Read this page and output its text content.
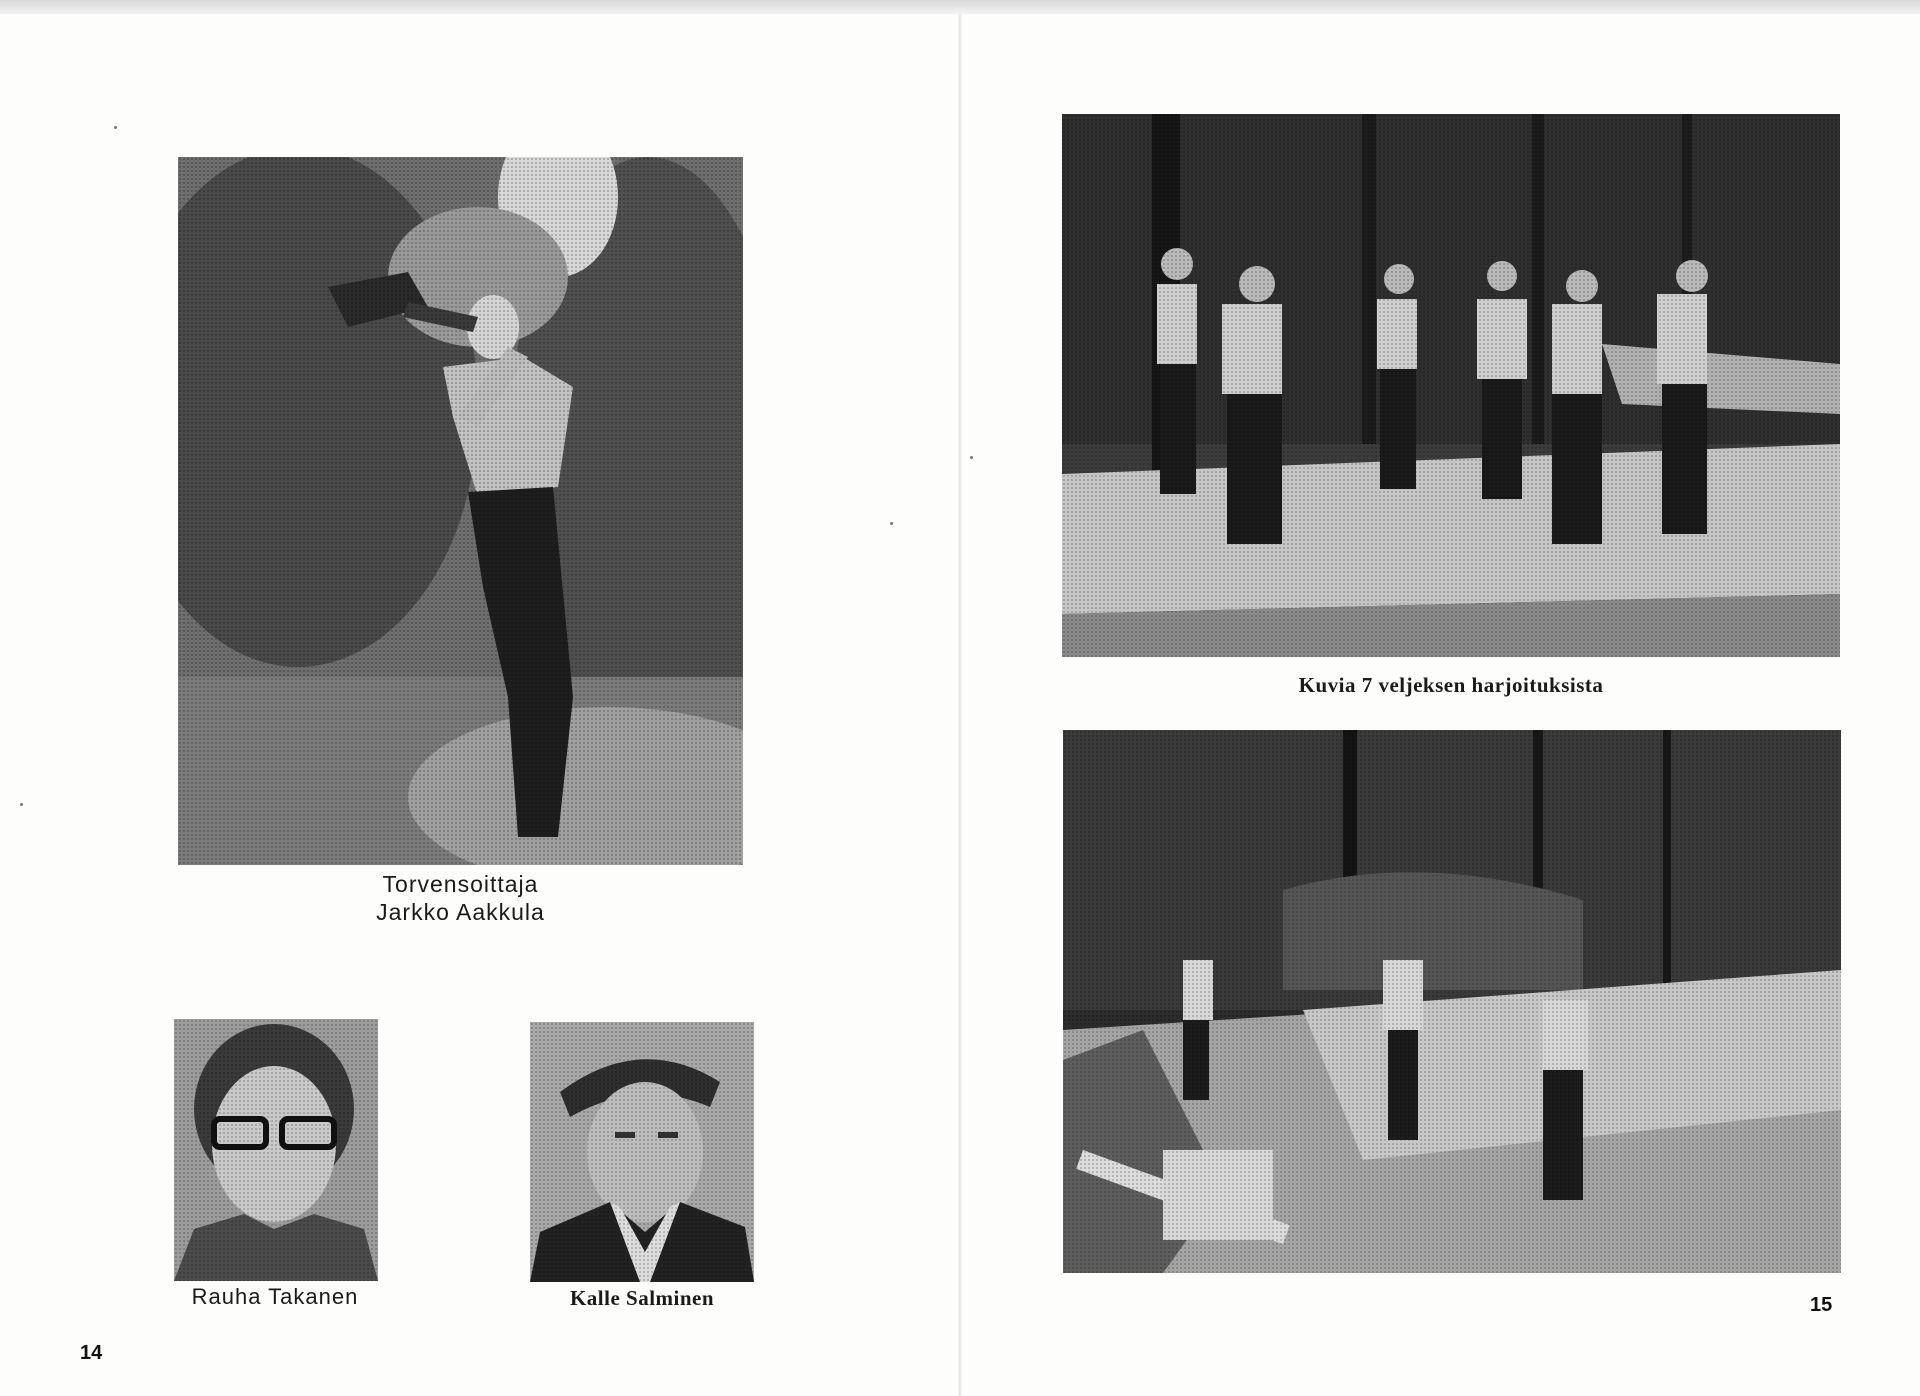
Torvensoittaja
Jarkko Aakkula
Rauha Takanen	Kalle Salminen
14
Kuvia 7 veljeksen harjoituksista
15
